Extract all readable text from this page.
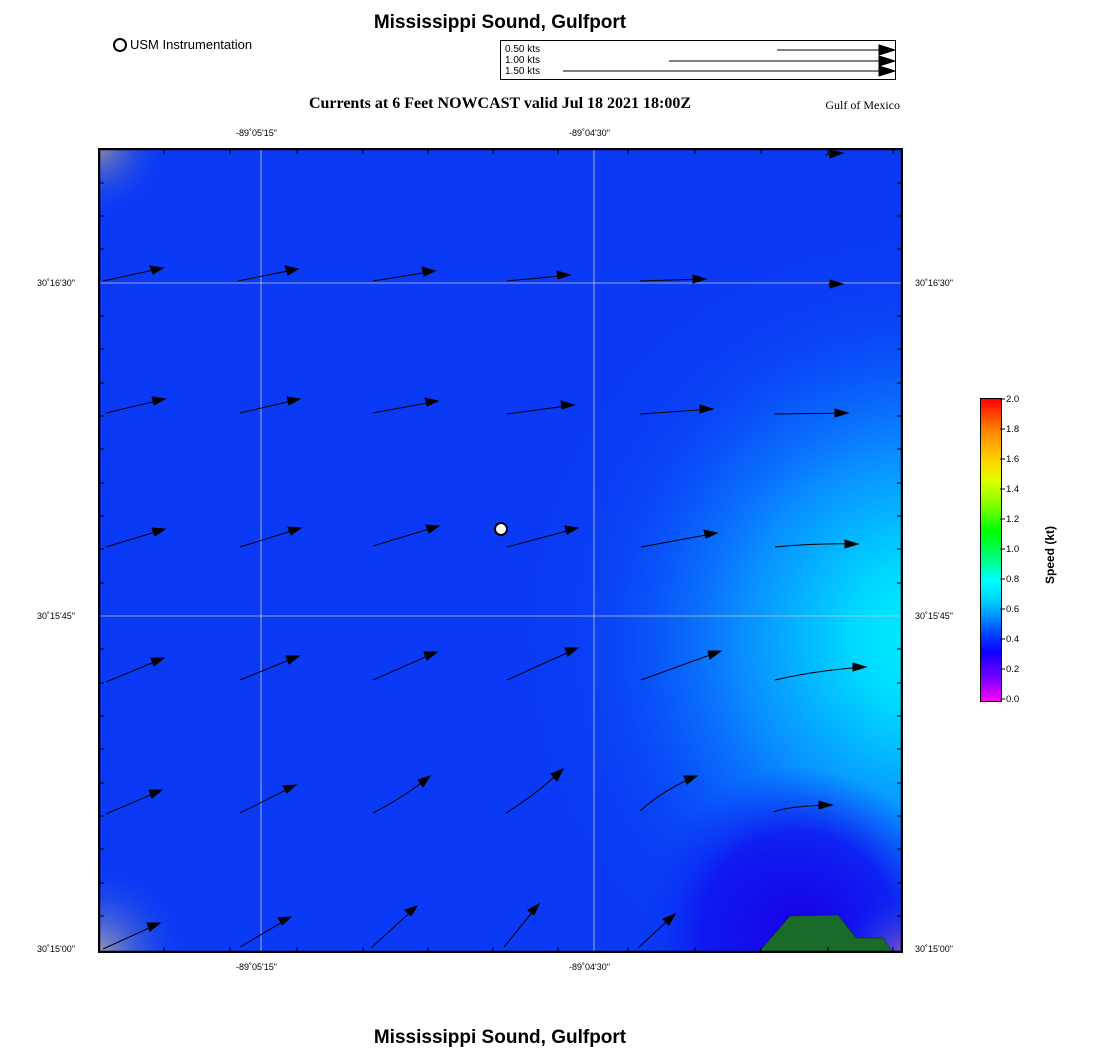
Mississippi Sound, Gulfport
Currents at 6 Feet NOWCAST valid Jul 18 2021 18:00Z	Gulf of Mexico
Mississippi Sound, Gulfport
USM Instrumentation	0.50 kts
1.00 kts
1.50 kts
-89˚05'15"	-89˚04'30"
-89˚05'15"	-89˚04'30"
30˚16'30"
30˚15'45"
30˚15'00"
30˚16'30"
30˚15'45"
30˚15'00"
2.0
1.8
1.6
1.4
1.2
1.0
0.8
0.6
0.4
0.2
0.0
Speed (kt)
